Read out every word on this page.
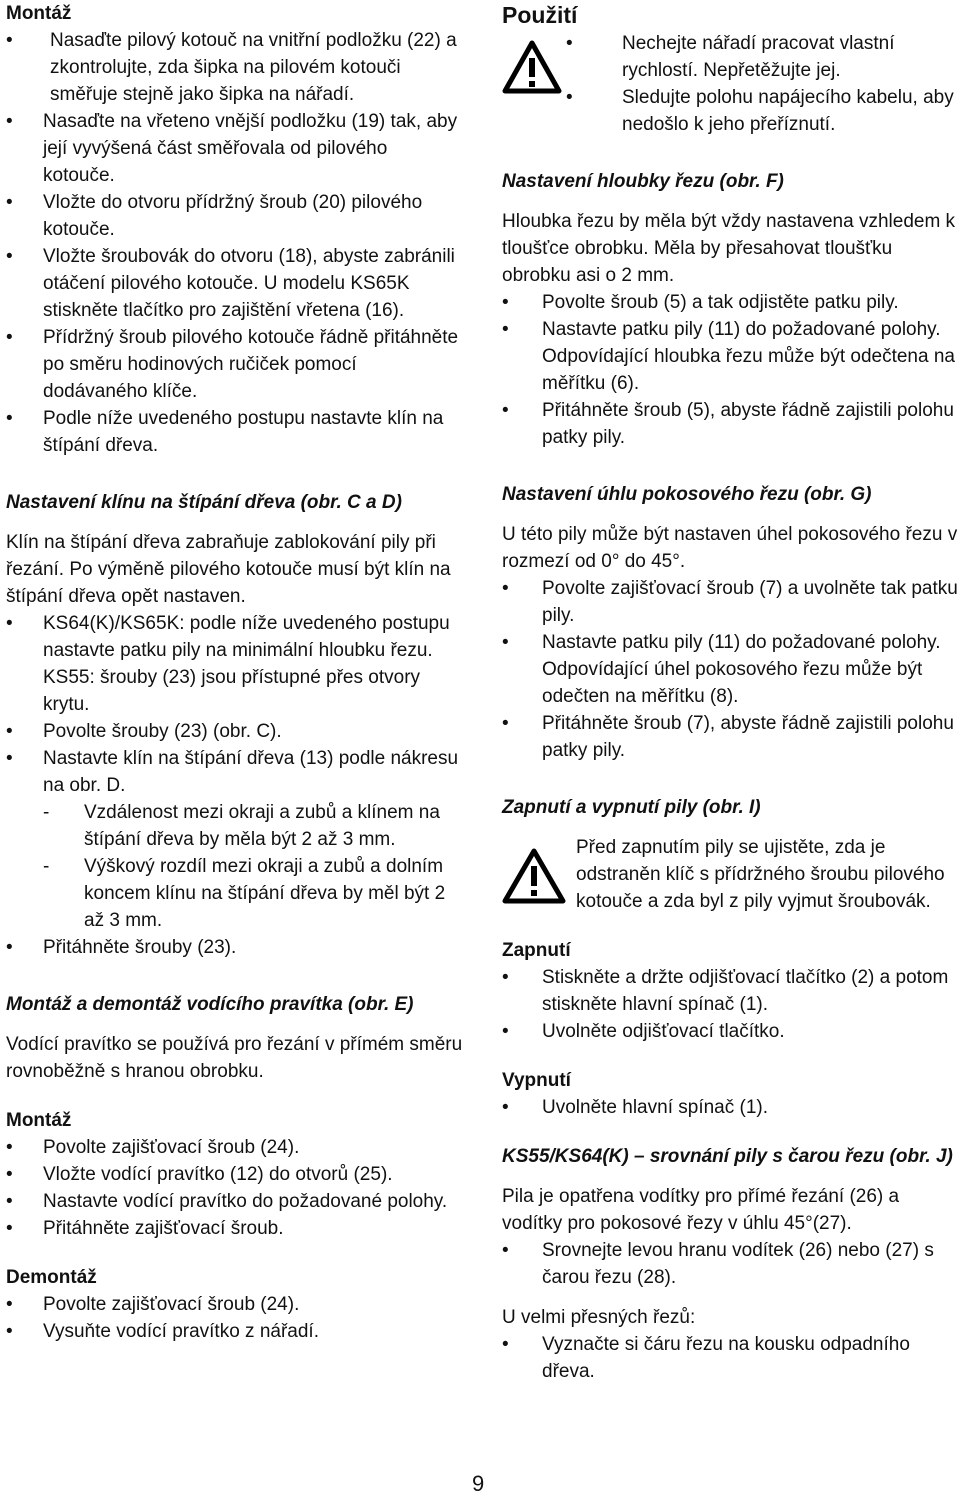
Montáž
• Nasaďte pilový kotouč na vnitřní podložku (22) a zkontrolujte, zda šipka na pilovém kotouči směřuje stejně jako šipka na nářadí.
• Nasaďte na vřeteno vnější podložku (19) tak, aby její vyvýšená část směřovala od pilového kotouče.
• Vložte do otvoru přídržný šroub (20) pilového kotouče.
• Vložte šroubovák do otvoru (18), abyste zabránili otáčení pilového kotouče. U modelu KS65K stiskněte tlačítko pro zajištění vřetena (16).
• Přídržný šroub pilového kotouče řádně přitáhněte po směru hodinových ručiček pomocí dodávaného klíče.
• Podle níže uvedeného postupu nastavte klín na štípání dřeva.
Nastavení klínu na štípání dřeva (obr. C a D)

Klín na štípání dřeva zabraňuje zablokování pily při řezání. Po výměně pilového kotouče musí být klín na štípání dřeva opět nastaven.

• KS64(K)/KS65K: podle níže uvedeného postupu nastavte patku pily na minimální hloubku řezu.
KS55: šrouby (23) jsou přístupné přes otvory krytu.
• Povolte šrouby (23) (obr. C).
• Nastavte klín na štípání dřeva (13) podle nákresu na obr. D.
- Vzdálenost mezi okraji a zubů a klínem na štípání dřeva by měla být 2 až 3 mm.
- Výškový rozdíl mezi okraji a zubů a dolním koncem klínu na štípání dřeva by měl být 2 až 3 mm.
• Přitáhněte šrouby (23).
Montáž a demontáž vodícího pravítka (obr. E)

Vodící pravítko se používá pro řezání v přímém směru rovnoběžně s hranou obrobku.

Montáž
• Povolte zajišťovací šroub (24).
• Vložte vodící pravítko (12) do otvorů (25).
• Nastavte vodící pravítko do požadované polohy.
• Přitáhněte zajišťovací šroub.
Demontáž
• Povolte zajišťovací šroub (24).
• Vysuňte vodící pravítko z nářadí.
Použití
• Nechejte nářadí pracovat vlastní rychlostí. Nepřetěžujte jej.
• Sledujte polohu napájecího kabelu, aby nedošlo k jeho přeříznutí.
Nastavení hloubky řezu (obr. F)

Hloubka řezu by měla být vždy nastavena vzhledem k tloušťce obrobku. Měla by přesahovat tloušťku obrobku asi o 2 mm.

• Povolte šroub (5) a tak odjistěte patku pily.
• Nastavte patku pily (11) do požadované polohy. Odpovídající hloubka řezu může být odečtena na měřítku (6).
• Přitáhněte šroub (5), abyste řádně zajistili polohu patky pily.
Nastavení úhlu pokosového řezu (obr. G)

U této pily může být nastaven úhel pokosového řezu v rozmezí od 0° do 45°.

• Povolte zajišťovací šroub (7) a uvolněte tak patku pily.
• Nastavte patku pily (11) do požadované polohy. Odpovídající úhel pokosového řezu může být odečten na měřítku (8).
• Přitáhněte šroub (7), abyste řádně zajistili polohu patky pily.
Zapnutí a vypnutí pily (obr. I)

Před zapnutím pily se ujistěte, zda je odstraněn klíč s přídržného šroubu pilového kotouče a zda byl z pily vyjmut šroubovák.

Zapnutí
• Stiskněte a držte odjišťovací tlačítko (2) a potom stiskněte hlavní spínač (1).
• Uvolněte odjišťovací tlačítko.
Vypnutí
• Uvolněte hlavní spínač (1).
KS55/KS64(K) – srovnání pily s čarou řezu (obr. J)

Pila je opatřena vodítky pro přímé řezání (26) a vodítky pro pokosové řezy v úhlu 45°(27).

• Srovnejte levou hranu vodítek (26) nebo (27) s čarou řezu (28).

U velmi přesných řezů:

• Vyznačte si čáru řezu na kousku odpadního dřeva.
9
